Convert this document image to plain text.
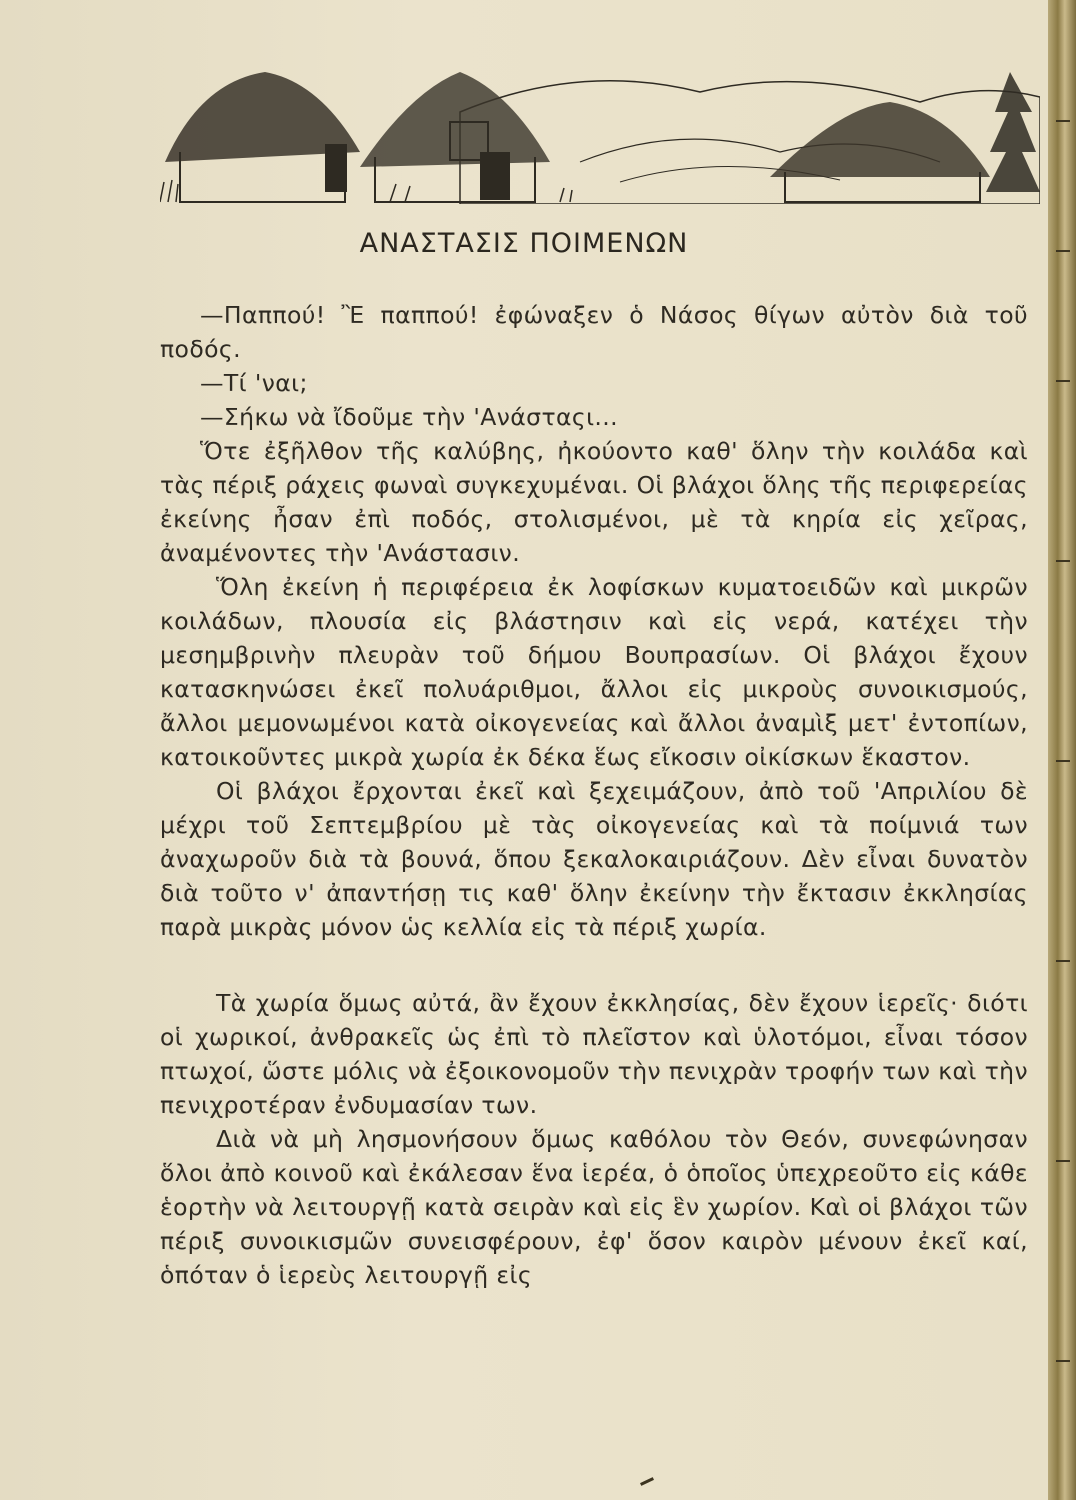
ΑΝΑΣΤΑΣΙΣ ΠΟΙΜΕΝΩΝ

—Παππού! Ἒ παππού! ἐφώναξεν ὁ Νάσος θίγων αὐτὸν διὰ τοῦ ποδός.

—Τί 'ναι;

—Σήκω νὰ ἴδοῦμε τὴν 'Ανάσταςι...

Ὅτε ἐξῆλθον τῆς καλύβης, ἠκούοντο καθ' ὅλην τὴν κοιλάδα καὶ τὰς πέριξ ράχεις φωναὶ συγκεχυμέναι. Οἱ βλάχοι ὅλης τῆς περιφερείας ἐκείνης ἦσαν ἐπὶ ποδός, στολισμένοι, μὲ τὰ κηρία εἰς χεῖρας, ἀναμένοντες τὴν 'Ανάστασιν.

Ὅλη ἐκείνη ἡ περιφέρεια ἐκ λοφίσκων κυματοειδῶν καὶ μικρῶν κοιλάδων, πλουσία εἰς βλάστησιν καὶ εἰς νερά, κατέχει τὴν μεσημβρινὴν πλευρὰν τοῦ δήμου Βουπρασίων. Οἱ βλάχοι ἔχουν κατασκηνώσει ἐκεῖ πολυάριθμοι, ἄλλοι εἰς μικροὺς συνοικισμούς, ἄλλοι μεμονωμένοι κατὰ οἰκογενείας καὶ ἄλλοι ἀναμὶξ μετ' ἐντοπίων, κατοικοῦντες μικρὰ χωρία ἐκ δέκα ἕως εἴκοσιν οἰκίσκων ἕκαστον.

Οἱ βλάχοι ἔρχονται ἐκεῖ καὶ ξεχειμάζουν, ἀπὸ τοῦ 'Απριλίου δὲ μέχρι τοῦ Σεπτεμβρίου μὲ τὰς οἰκογενείας καὶ τὰ ποίμνιά των ἀναχωροῦν διὰ τὰ βουνά, ὅπου ξεκαλοκαιριάζουν. Δὲν εἶναι δυνατὸν διὰ τοῦτο ν' ἀπαντήσῃ τις καθ' ὅλην ἐκείνην τὴν ἔκτασιν ἐκκλησίας παρὰ μικρὰς μόνον ὡς κελλία εἰς τὰ πέριξ χωρία.

Τὰ χωρία ὅμως αὐτά, ἂν ἔχουν ἐκκλησίας, δὲν ἔχουν ἱερεῖς· διότι οἱ χωρικοί, ἀνθρακεῖς ὡς ἐπὶ τὸ πλεῖστον καὶ ὑλοτόμοι, εἶναι τόσον πτωχοί, ὥστε μόλις νὰ ἐξοικονομοῦν τὴν πενιχρὰν τροφήν των καὶ τὴν πενιχροτέραν ἐνδυμασίαν των.

Διὰ νὰ μὴ λησμονήσουν ὅμως καθόλου τὸν Θεόν, συνεφώνησαν ὅλοι ἀπὸ κοινοῦ καὶ ἐκάλεσαν ἕνα ἱερέα, ὁ ὁποῖος ὑπεχρεοῦτο εἰς κάθε ἑορτὴν νὰ λειτουργῇ κατὰ σειρὰν καὶ εἰς ἓν χωρίον. Καὶ οἱ βλάχοι τῶν πέριξ συνοικισμῶν συνεισφέρουν, ἐφ' ὅσον καιρὸν μένουν ἐκεῖ καί, ὁπόταν ὁ ἱερεὺς λειτουργῇ εἰς
